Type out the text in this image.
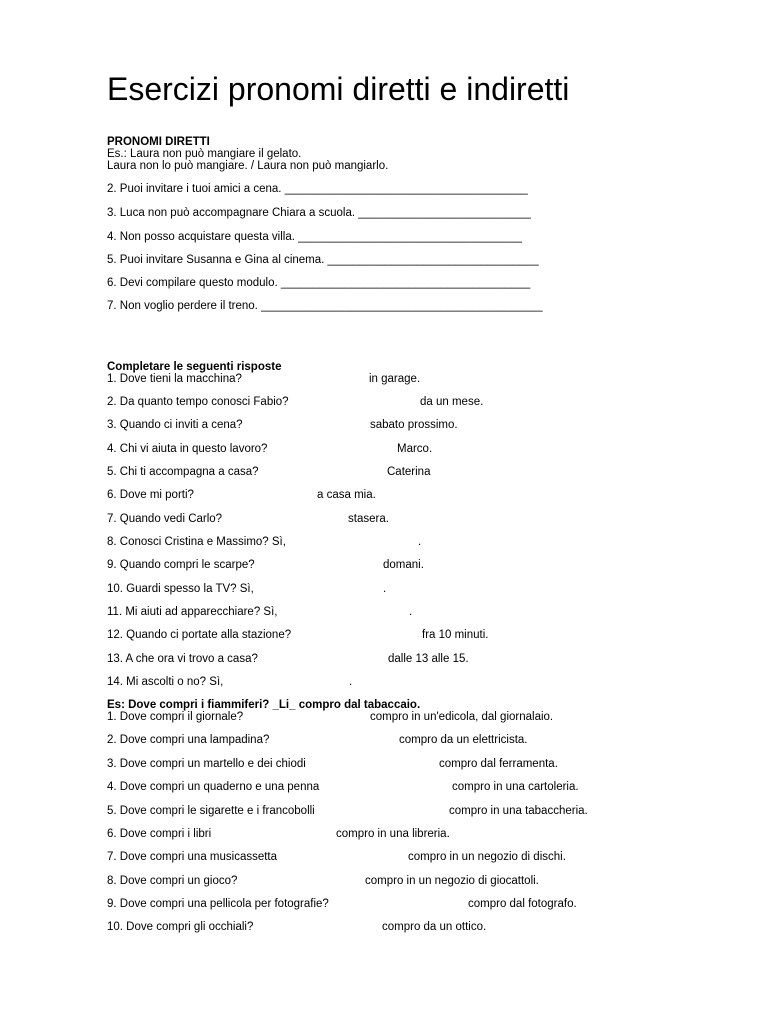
Esercizi pronomi diretti e indiretti
PRONOMI DIRETTI
Es.: Laura non può mangiare il gelato.
Laura non lo può mangiare. / Laura non può mangiarlo.
2. Puoi invitare i tuoi amici a cena. ______________________________________
3. Luca non può accompagnare Chiara a scuola. ___________________________
4. Non posso acquistare questa villa. ___________________________________
5. Puoi invitare Susanna e Gina al cinema. _________________________________
6. Devi compilare questo modulo. _______________________________________
7. Non voglio perdere il treno. ____________________________________________
Completare le seguenti risposte
1. Dove tieni la macchina?	in garage.
2. Da quanto tempo conosci Fabio?	da un mese.
3. Quando ci inviti a cena?	sabato prossimo.
4. Chi vi aiuta in questo lavoro?	Marco.
5. Chi ti accompagna a casa?	Caterina
6. Dove mi porti?	a casa mia.
7. Quando vedi Carlo?	stasera.
8. Conosci Cristina e Massimo? Sì,	.
9. Quando compri le scarpe?	domani.
10. Guardi spesso la TV? Sì,	.
11. Mi aiuti ad apparecchiare? Sì,	.
12. Quando ci portate alla stazione?	fra 10 minuti.
13. A che ora vi trovo a casa?	dalle 13 alle 15.
14. Mi ascolti o no? Sì,	.
Es: Dove compri i fiammiferi? _Li_ compro dal tabaccaio.
1. Dove compri il giornale?	compro in un'edicola, dal giornalaio.
2. Dove compri una lampadina?	compro da un elettricista.
3. Dove compri un martello e dei chiodi	compro dal ferramenta.
4. Dove compri un quaderno e una penna	compro in una cartoleria.
5. Dove compri le sigarette e i francobolli	compro in una tabaccheria.
6. Dove compri i libri	compro in una libreria.
7. Dove compri una musicassetta	compro in un negozio di dischi.
8. Dove compri un gioco?	compro in un negozio di giocattoli.
9. Dove compri una pellicola per fotografie?	compro dal fotografo.
10. Dove compri gli occhiali?	compro da un ottico.
